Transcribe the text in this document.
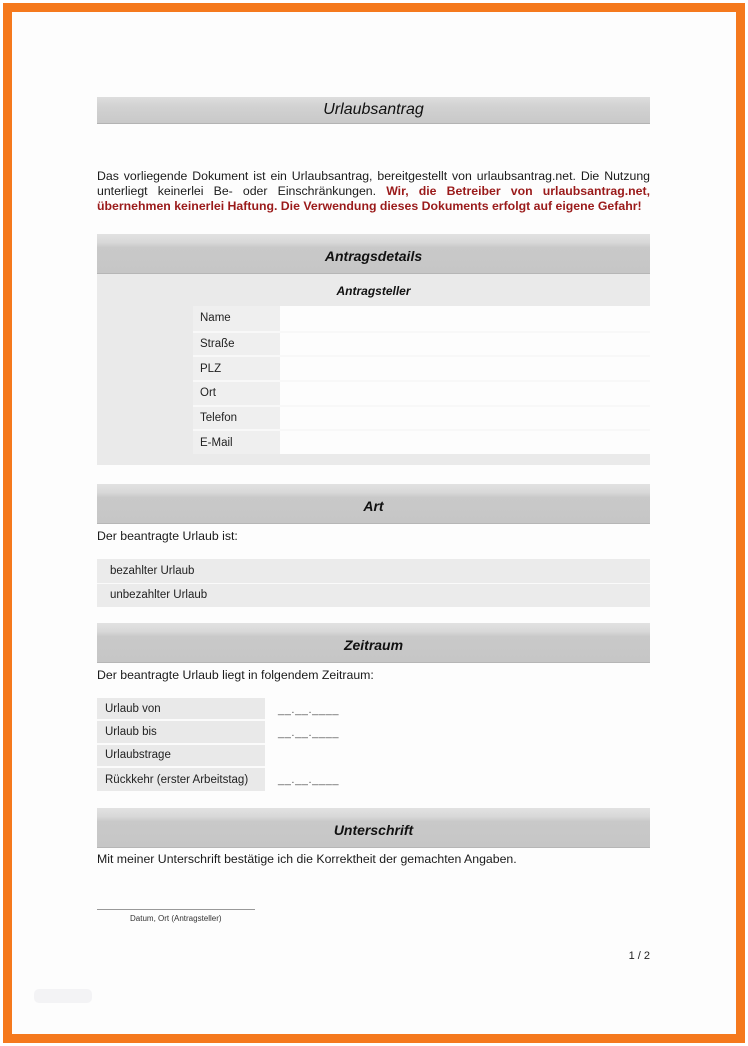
Urlaubsantrag

Das vorliegende Dokument ist ein Urlaubsantrag, bereitgestellt von urlaubsantrag.net. Die Nutzung unterliegt keinerlei Be- oder Einschränkungen. Wir, die Betreiber von urlaubsantrag.net, übernehmen keinerlei Haftung. Die Verwendung dieses Dokuments erfolgt auf eigene Gefahr!

Antragsdetails
Antragsteller
Name
Straße
PLZ
Ort
Telefon
E-Mail
Art

Der beantragte Urlaub ist:

bezahlter Urlaub
unbezahlter Urlaub
Zeitraum

Der beantragte Urlaub liegt in folgendem Zeitraum:

Urlaub von	__.__.____
Urlaub bis	__.__.____
Urlaubstrage
Rückkehr (erster Arbeitstag)	__.__.____
Unterschrift

Mit meiner Unterschrift bestätige ich die Korrektheit der gemachten Angaben.

Datum, Ort (Antragsteller)
1 / 2
